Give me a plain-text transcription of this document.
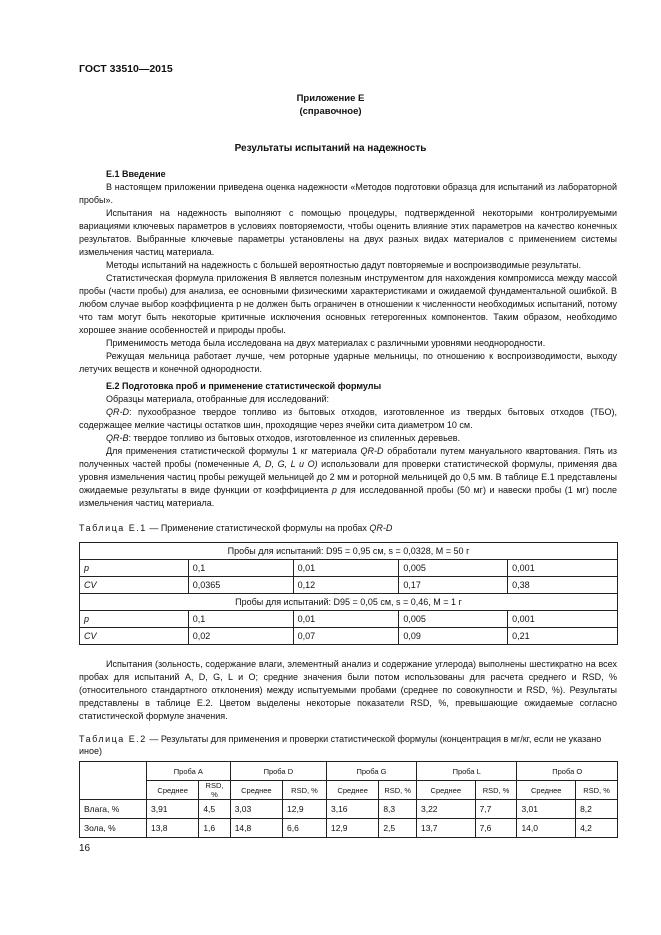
ГОСТ 33510—2015
Приложение Е
(справочное)
Результаты испытаний на надежность
Е.1 Введение

В настоящем приложении приведена оценка надежности «Методов подготовки образца для испытаний из лабораторной пробы».

Испытания на надежность выполняют с помощью процедуры, подтвержденной некоторыми контролируемыми вариациями ключевых параметров в условиях повторяемости, чтобы оценить влияние этих параметров на качество конечных результатов. Выбранные ключевые параметры установлены на двух разных видах материалов с применением системы измельчения частиц материала.

Методы испытаний на надежность с большей вероятностью дадут повторяемые и воспроизводимые результаты.

Статистическая формула приложения В является полезным инструментом для нахождения компромисса между массой пробы (части пробы) для анализа, ее основными физическими характеристиками и ожидаемой фундаментальной ошибкой. В любом случае выбор коэффициента p не должен быть ограничен в отношении к численности необходимых испытаний, потому что там могут быть некоторые критичные исключения основных гетерогенных компонентов. Таким образом, необходимо хорошее знание особенностей и природы пробы.

Применимость метода была исследована на двух материалах с различными уровнями неоднородности.

Режущая мельница работает лучше, чем роторные ударные мельницы, по отношению к воспроизводимости, выходу летучих веществ и конечной однородности.

Е.2 Подготовка проб и применение статистической формулы

Образцы материала, отобранные для исследований:

QR-D: пухообразное твердое топливо из бытовых отходов, изготовленное из твердых бытовых отходов (ТБО), содержащее мелкие частицы остатков шин, проходящие через ячейки сита диаметром 10 см.

QR-B: твердое топливо из бытовых отходов, изготовленное из спиленных деревьев.

Для применения статистической формулы 1 кг материала QR-D обработали путем мануального квартования. Пять из полученных частей пробы (помеченные A, D, G, L и O) использовали для проверки статистической формулы, применяя два уровня измельчения частиц пробы режущей мельницей до 2 мм и роторной мельницей до 0,5 мм. В таблице Е.1 представлены ожидаемые результаты в виде функции от коэффициента p для исследованной пробы (50 мг) и навески пробы (1 мг) после измельчения частиц материала.

Таблица Е.1 — Применение статистической формулы на пробах QR-D
Пробы для испытаний: D95 = 0,95 см, s = 0,0328, M = 50 г				
p	0,1	0,01	0,005	0,001
CV	0,0365	0,12	0,17	0,38
Пробы для испытаний: D95 = 0,05 см, s = 0,46, M = 1 г				
p	0,1	0,01	0,005	0,001
CV	0,02	0,07	0,09	0,21

Испытания (зольность, содержание влаги, элементный анализ и содержание углерода) выполнены шестикратно на всех пробах для испытаний A, D, G, L и O; средние значения были потом использованы для расчета среднего и RSD, % (относительного стандартного отклонения) между испытуемыми пробами (среднее по совокупности и RSD, %). Результаты представлены в таблице Е.2. Цветом выделены некоторые показатели RSD, %, превышающие ожидаемые согласно статистической формуле значения.

Таблица Е.2 — Результаты для применения и проверки статистической формулы (концентрация в мг/кг, если не указано иное)
	Проба A		Проба D		Проба G		Проба L		Проба O	
	Среднее	RSD, %	Среднее	RSD, %	Среднее	RSD, %	Среднее	RSD, %	Среднее	RSD, %
Влага, %	3,91	4,5	3,03	12,9	3,16	8,3	3,22	7,7	3,01	8,2
Зола, %	13,8	1,6	14,8	6,6	12,9	2,5	13,7	7,6	14,0	4,2
16
